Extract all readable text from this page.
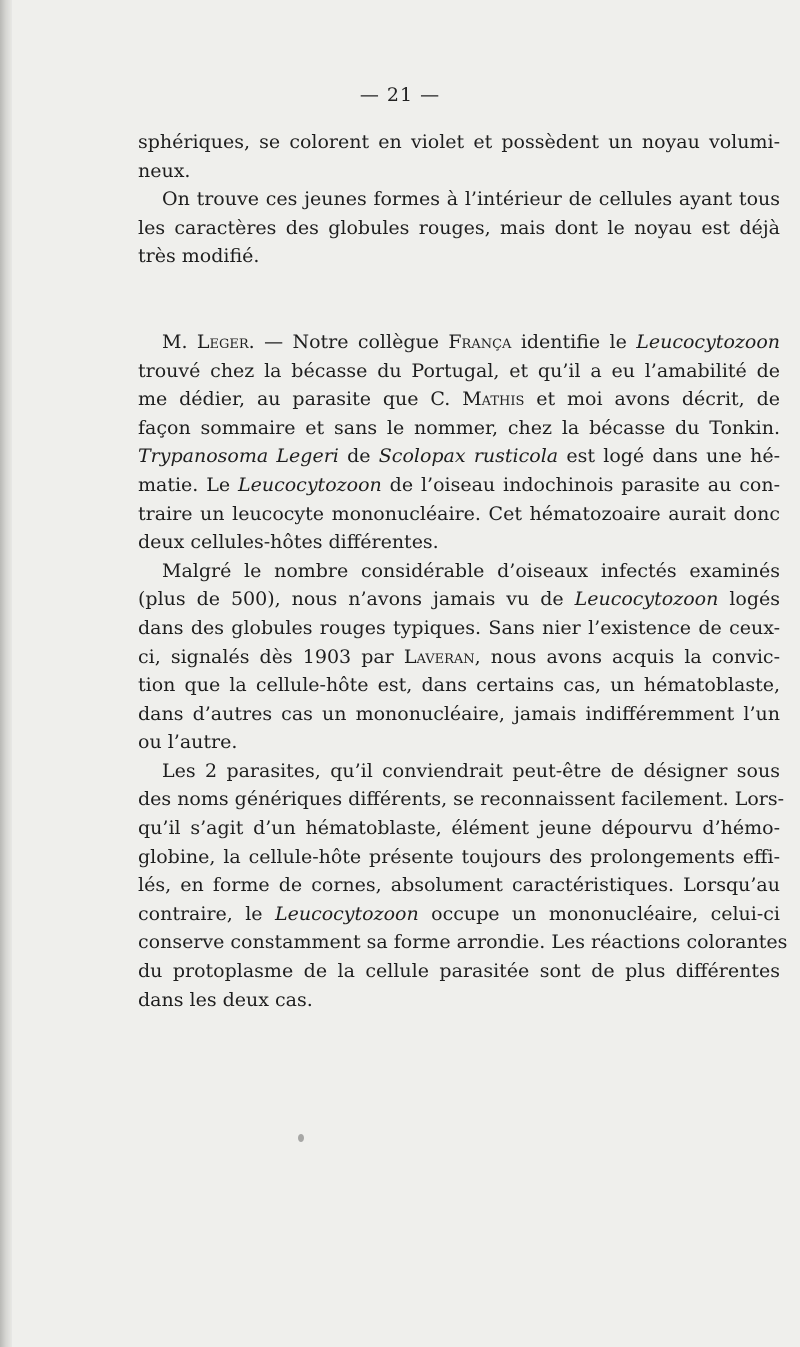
— 21 —

sphériques, se colorent en violet et possèdent un noyau volumi-
neux.

On trouve ces jeunes formes à l’intérieur de cellules ayant tous
les caractères des globules rouges, mais dont le noyau est déjà
très modifié.

M. Leger. — Notre collègue França identifie le Leucocytozoon
trouvé chez la bécasse du Portugal, et qu’il a eu l’amabilité de
me dédier, au parasite que C. Mathis et moi avons décrit, de
façon sommaire et sans le nommer, chez la bécasse du Tonkin.
Trypanosoma Legeri de Scolopax rusticola est logé dans une hé-
matie. Le Leucocytozoon de l’oiseau indochinois parasite au con-
traire un leucocyte mononucléaire. Cet hématozoaire aurait donc
deux cellules-hôtes différentes.

Malgré le nombre considérable d’oiseaux infectés examinés
(plus de 500), nous n’avons jamais vu de Leucocytozoon logés
dans des globules rouges typiques. Sans nier l’existence de ceux-
ci, signalés dès 1903 par Laveran, nous avons acquis la convic-
tion que la cellule-hôte est, dans certains cas, un hématoblaste,
dans d’autres cas un mononucléaire, jamais indifféremment l’un
ou l’autre.

Les 2 parasites, qu’il conviendrait peut-être de désigner sous
des noms génériques différents, se reconnaissent facilement. Lors-
qu’il s’agit d’un hématoblaste, élément jeune dépourvu d’hémo-
globine, la cellule-hôte présente toujours des prolongements effi-
lés, en forme de cornes, absolument caractéristiques. Lorsqu’au
contraire, le Leucocytozoon occupe un mononucléaire, celui-ci
conserve constamment sa forme arrondie. Les réactions colorantes
du protoplasme de la cellule parasitée sont de plus différentes
dans les deux cas.
